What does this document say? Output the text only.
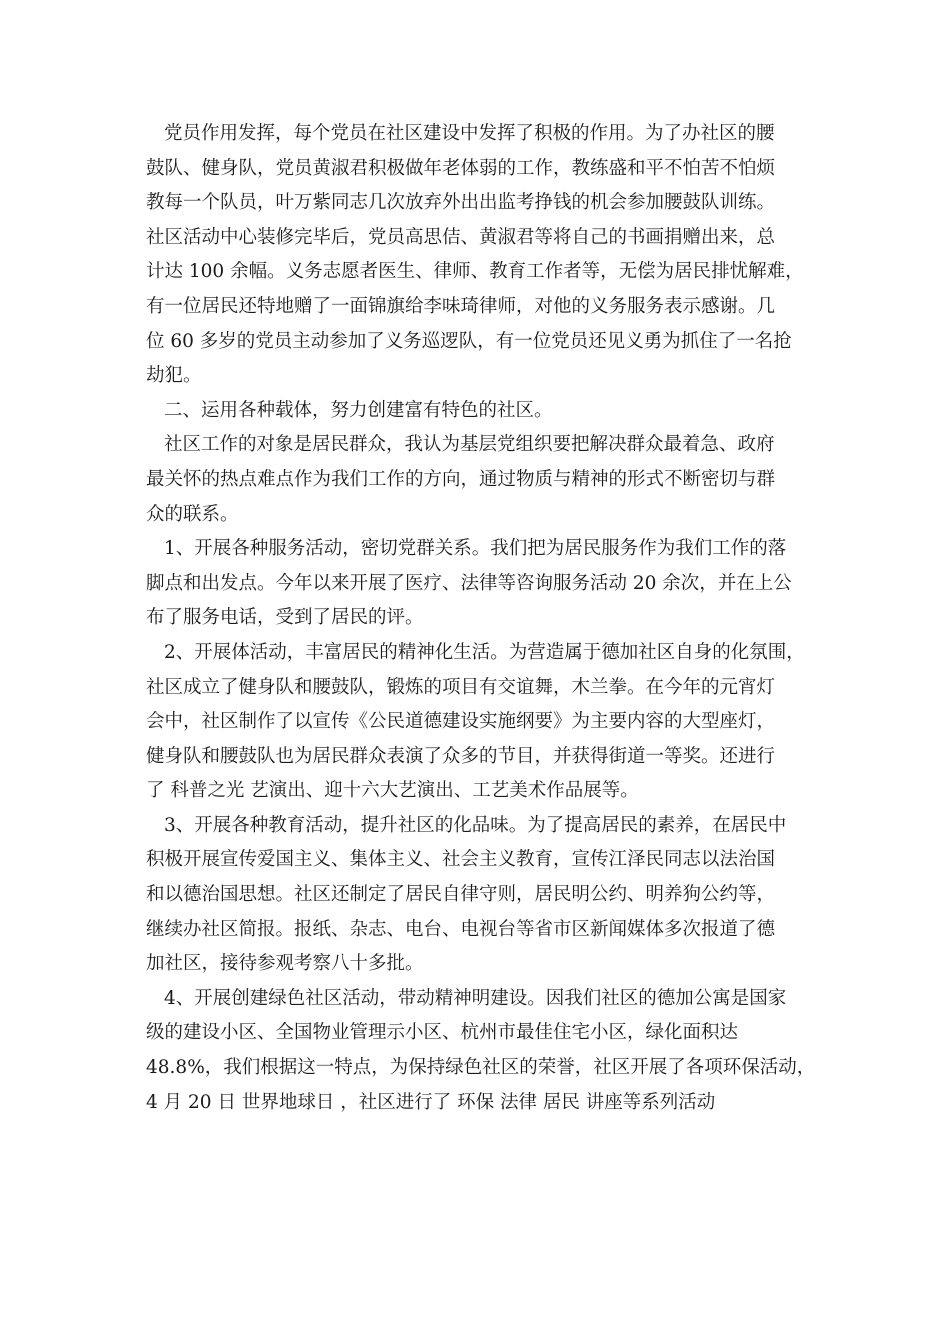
党员作用发挥，每个党员在社区建设中发挥了积极的作用。为了办社区的腰
鼓队、健身队，党员黄淑君积极做年老体弱的工作，教练盛和平不怕苦不怕烦
教每一个队员，叶万紫同志几次放弃外出出监考挣钱的机会参加腰鼓队训练。
社区活动中心装修完毕后，党员高思佶、黄淑君等将自己的书画捐赠出来，总
计达 100 余幅。义务志愿者医生、律师、教育工作者等，无偿为居民排忧解难，
有一位居民还特地赠了一面锦旗给李味琦律师，对他的义务服务表示感谢。几
位 60 多岁的党员主动参加了义务巡逻队，有一位党员还见义勇为抓住了一名抢
劫犯。
二、运用各种载体，努力创建富有特色的社区。
社区工作的对象是居民群众，我认为基层党组织要把解决群众最着急、政府
最关怀的热点难点作为我们工作的方向，通过物质与精神的形式不断密切与群
众的联系。
1、开展各种服务活动，密切党群关系。我们把为居民服务作为我们工作的落
脚点和出发点。今年以来开展了医疗、法律等咨询服务活动 20 余次，并在上公
布了服务电话，受到了居民的评。
2、开展体活动，丰富居民的精神化生活。为营造属于德加社区自身的化氛围，
社区成立了健身队和腰鼓队，锻炼的项目有交谊舞，木兰拳。在今年的元宵灯
会中，社区制作了以宣传《公民道德建设实施纲要》为主要内容的大型座灯，
健身队和腰鼓队也为居民群众表演了众多的节目，并获得街道一等奖。还进行
了 科普之光 艺演出、迎十六大艺演出、工艺美术作品展等。
3、开展各种教育活动，提升社区的化品味。为了提高居民的素养，在居民中
积极开展宣传爱国主义、集体主义、社会主义教育，宣传江泽民同志以法治国
和以德治国思想。社区还制定了居民自律守则，居民明公约、明养狗公约等，
继续办社区简报。报纸、杂志、电台、电视台等省市区新闻媒体多次报道了德
加社区，接待参观考察八十多批。
4、开展创建绿色社区活动，带动精神明建设。因我们社区的德加公寓是国家
级的建设小区、全国物业管理示小区、杭州市最佳住宅小区，绿化面积达
48.8%，我们根据这一特点，为保持绿色社区的荣誉，社区开展了各项环保活动，
4 月 20 日 世界地球日 ，社区进行了 环保 法律 居民 讲座等系列活动
